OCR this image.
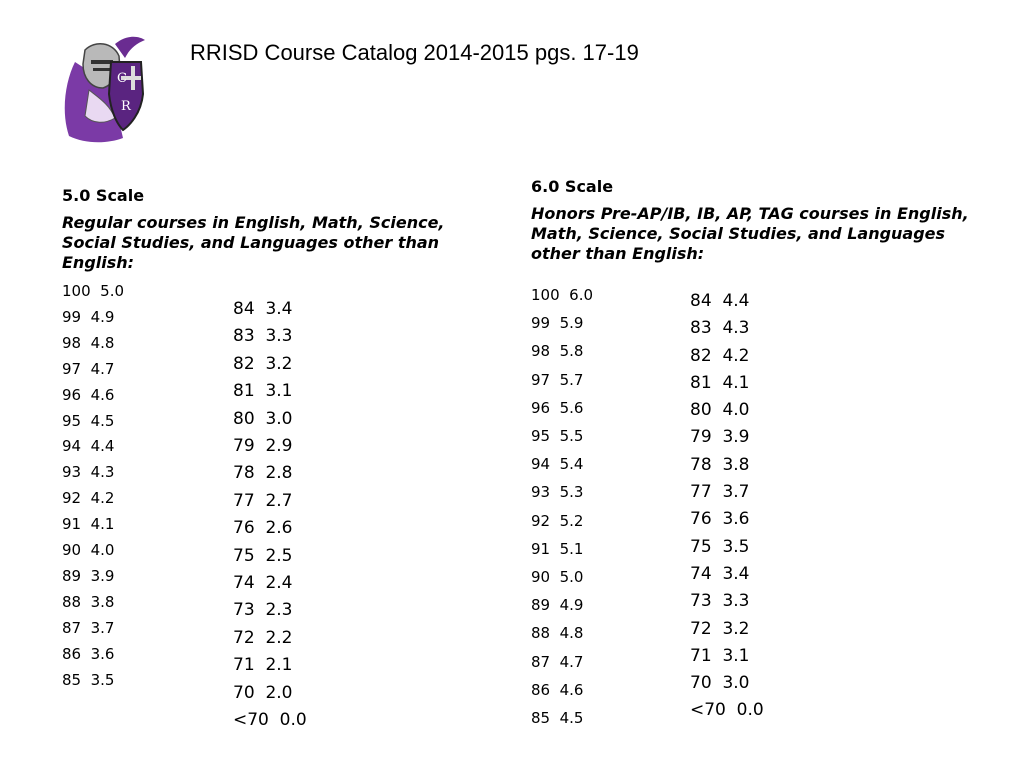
C
R
RRISD Course Catalog 2014-2015 pgs. 17-19
5.0 Scale
Regular courses in English, Math, Science, Social Studies, and Languages other than English:
100  5.0
99  4.9
98  4.8
97  4.7
96  4.6
95  4.5
94  4.4
93  4.3
92  4.2
91  4.1
90  4.0
89  3.9
88  3.8
87  3.7
86  3.6
85  3.5
84  3.4
83  3.3
82  3.2
81  3.1
80  3.0
79  2.9
78  2.8
77  2.7
76  2.6
75  2.5
74  2.4
73  2.3
72  2.2
71  2.1
70  2.0
<70  0.0
6.0 Scale
Honors Pre-AP/IB, IB, AP, TAG courses in English, Math, Science, Social Studies, and Languages other than English:
100  6.0
99  5.9
98  5.8
97  5.7
96  5.6
95  5.5
94  5.4
93  5.3
92  5.2
91  5.1
90  5.0
89  4.9
88  4.8
87  4.7
86  4.6
85  4.5
84  4.4
83  4.3
82  4.2
81  4.1
80  4.0
79  3.9
78  3.8
77  3.7
76  3.6
75  3.5
74  3.4
73  3.3
72  3.2
71  3.1
70  3.0
<70  0.0
